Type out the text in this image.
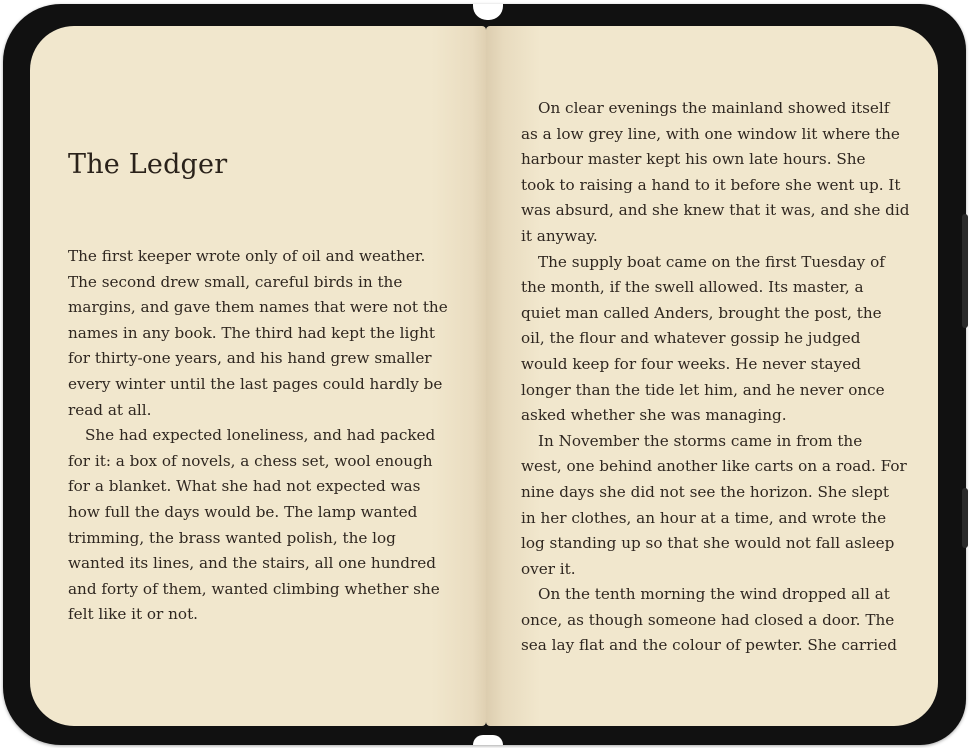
The Ledger
The first keeper wrote only of oil and weather.
The second drew small, careful birds in the
margins, and gave them names that were not the
names in any book. The third had kept the light
for thirty-one years, and his hand grew smaller
every winter until the last pages could hardly be
read at all.
She had expected loneliness, and had packed
for it: a box of novels, a chess set, wool enough
for a blanket. What she had not expected was
how full the days would be. The lamp wanted
trimming, the brass wanted polish, the log
wanted its lines, and the stairs, all one hundred
and forty of them, wanted climbing whether she
felt like it or not.
On clear evenings the mainland showed itself
as a low grey line, with one window lit where the
harbour master kept his own late hours. She
took to raising a hand to it before she went up. It
was absurd, and she knew that it was, and she did
it anyway.
The supply boat came on the first Tuesday of
the month, if the swell allowed. Its master, a
quiet man called Anders, brought the post, the
oil, the flour and whatever gossip he judged
would keep for four weeks. He never stayed
longer than the tide let him, and he never once
asked whether she was managing.
In November the storms came in from the
west, one behind another like carts on a road. For
nine days she did not see the horizon. She slept
in her clothes, an hour at a time, and wrote the
log standing up so that she would not fall asleep
over it.
On the tenth morning the wind dropped all at
once, as though someone had closed a door. The
sea lay flat and the colour of pewter. She carried
